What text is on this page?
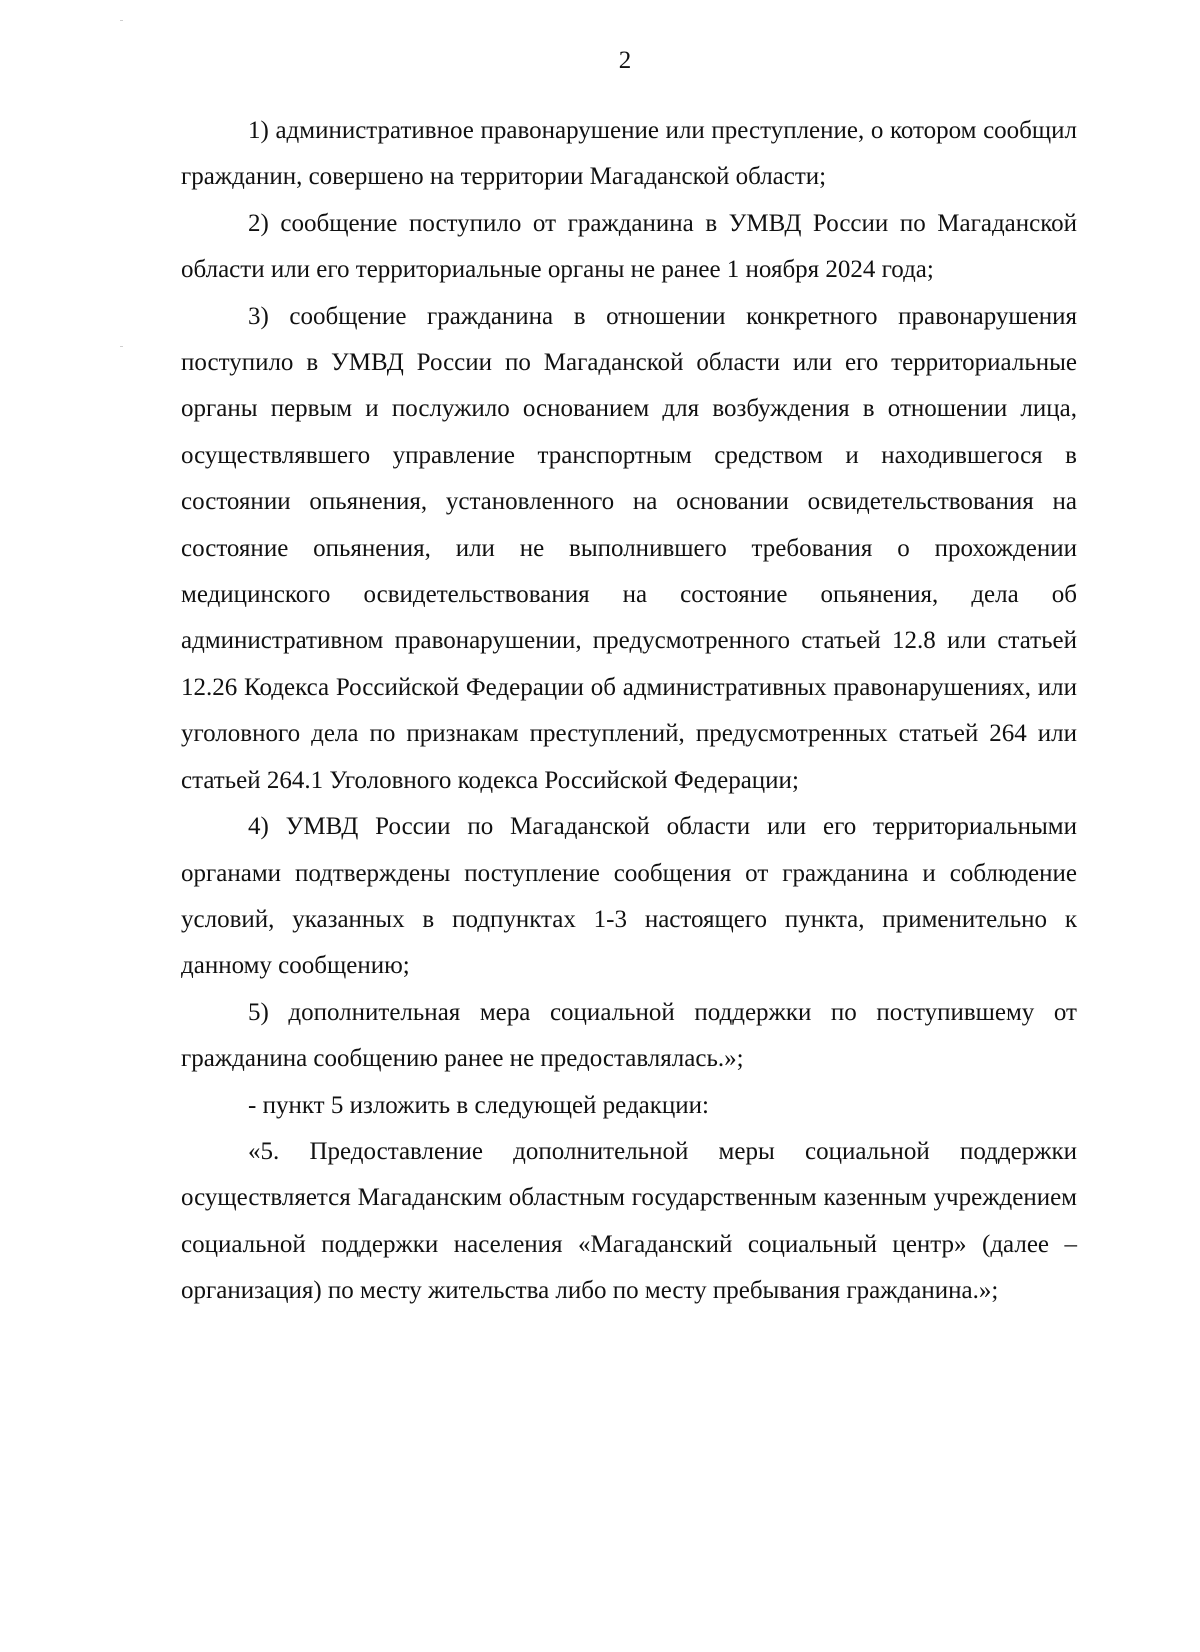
2

1) административное правонарушение или преступление, о котором сообщил гражданин, совершено на территории Магаданской области;

2) сообщение поступило от гражданина в УМВД России по Магаданской области или его территориальные органы не ранее 1 ноября 2024 года;

3) сообщение гражданина в отношении конкретного правонарушения поступило в УМВД России по Магаданской области или его территориальные органы первым и послужило основанием для возбуждения в отношении лица, осуществлявшего управление транспортным средством и находившегося в состоянии опьянения, установленного на основании освидетельствования на состояние опьянения, или не выполнившего требования о прохождении медицинского освидетельствования на состояние опьянения, дела об административном правонарушении, предусмотренного статьей 12.8 или статьей 12.26 Кодекса Российской Федерации об административных правонарушениях, или уголовного дела по признакам преступлений, предусмотренных статьей 264 или статьей 264.1 Уголовного кодекса Российской Федерации;

4) УМВД России по Магаданской области или его территориальными органами подтверждены поступление сообщения от гражданина и соблюдение условий, указанных в подпунктах 1-3 настоящего пункта, применительно к данному сообщению;

5) дополнительная мера социальной поддержки по поступившему от гражданина сообщению ранее не предоставлялась.»;

- пункт 5 изложить в следующей редакции:

«5. Предоставление дополнительной меры социальной поддержки осуществляется Магаданским областным государственным казенным учреждением социальной поддержки населения «Магаданский социальный центр» (далее – организация) по месту жительства либо по месту пребывания гражданина.»;
